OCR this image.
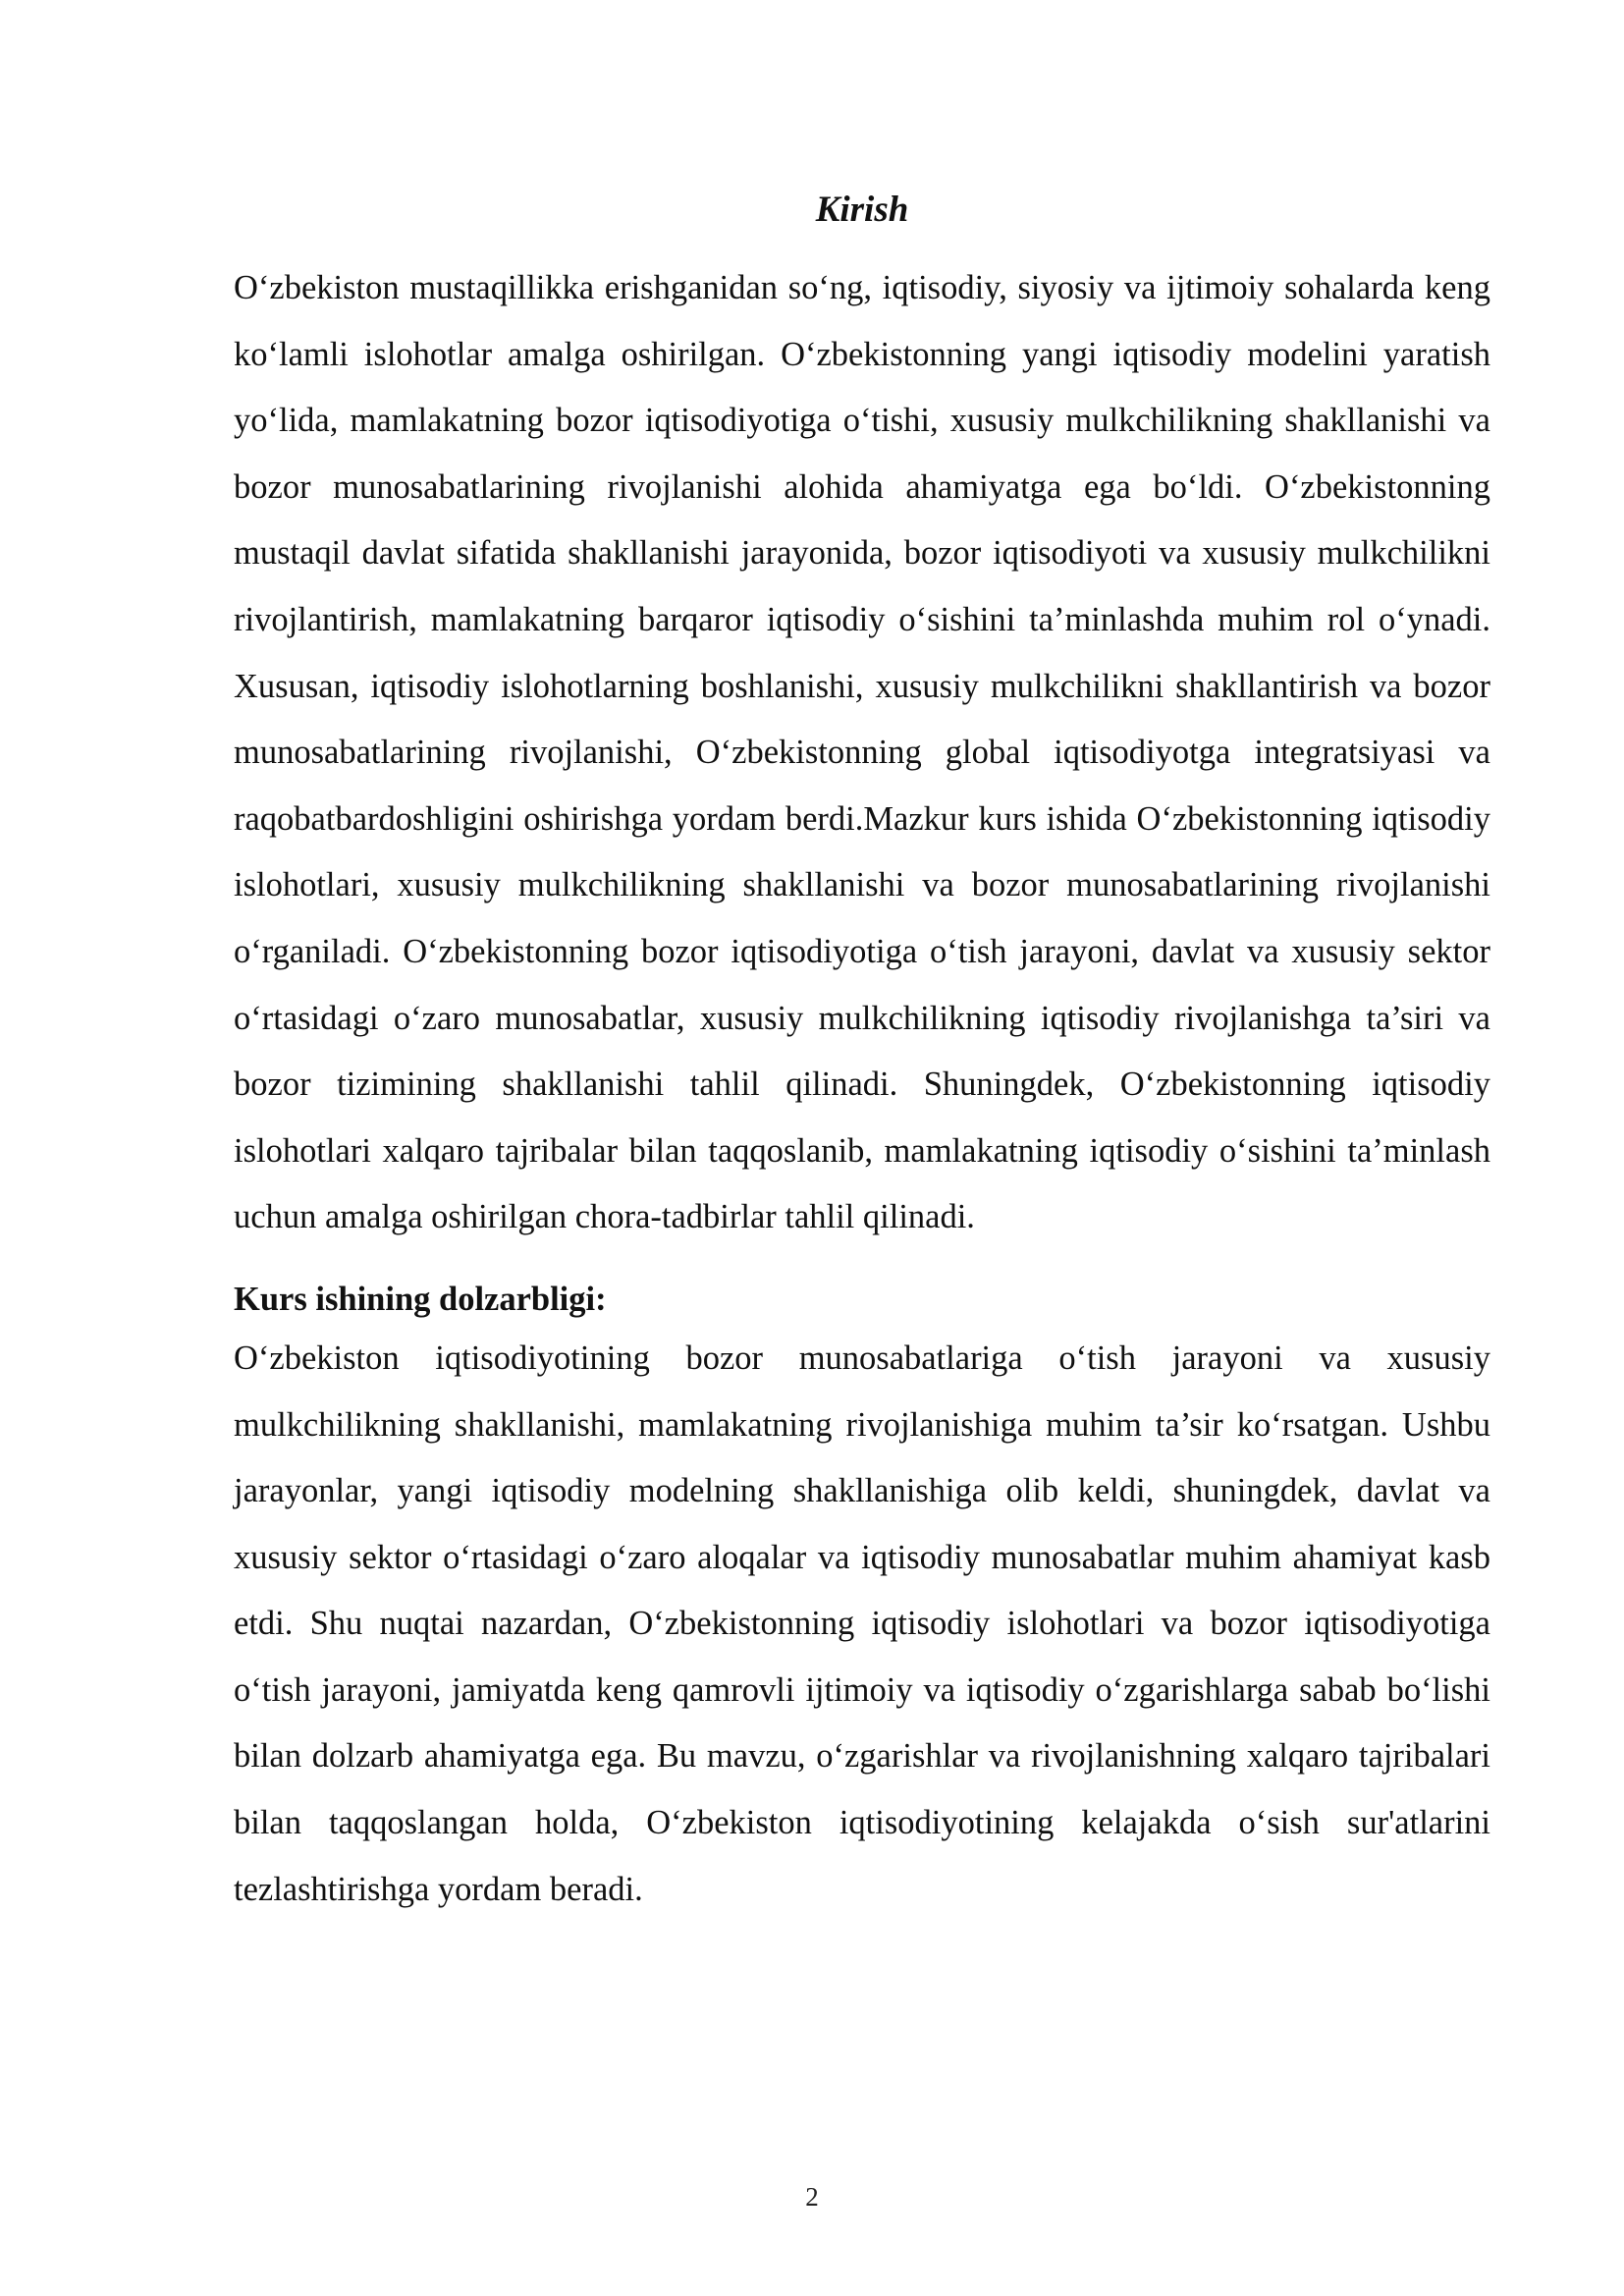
Kirish

O‘zbekiston mustaqillikka erishganidan so‘ng, iqtisodiy, siyosiy va ijtimoiy sohalarda keng ko‘lamli islohotlar amalga oshirilgan. O‘zbekistonning yangi iqtisodiy modelini yaratish yo‘lida, mamlakatning bozor iqtisodiyotiga o‘tishi, xususiy mulkchilikning shakllanishi va bozor munosabatlarining rivojlanishi alohida ahamiyatga ega bo‘ldi. O‘zbekistonning mustaqil davlat sifatida shakllanishi jarayonida, bozor iqtisodiyoti va xususiy mulkchilikni rivojlantirish, mamlakatning barqaror iqtisodiy o‘sishini ta’minlashda muhim rol o‘ynadi. Xususan, iqtisodiy islohotlarning boshlanishi, xususiy mulkchilikni shakllantirish va bozor munosabatlarining rivojlanishi, O‘zbekistonning global iqtisodiyotga integratsiyasi va raqobatbardoshligini oshirishga yordam berdi.Mazkur kurs ishida O‘zbekistonning iqtisodiy islohotlari, xususiy mulkchilikning shakllanishi va bozor munosabatlarining rivojlanishi o‘rganiladi. O‘zbekistonning bozor iqtisodiyotiga o‘tish jarayoni, davlat va xususiy sektor o‘rtasidagi o‘zaro munosabatlar, xususiy mulkchilikning iqtisodiy rivojlanishga ta’siri va bozor tizimining shakllanishi tahlil qilinadi. Shuningdek, O‘zbekistonning iqtisodiy islohotlari xalqaro tajribalar bilan taqqoslanib, mamlakatning iqtisodiy o‘sishini ta’minlash uchun amalga oshirilgan chora-tadbirlar tahlil qilinadi.

Kurs ishining dolzarbligi:

O‘zbekiston iqtisodiyotining bozor munosabatlariga o‘tish jarayoni va xususiy mulkchilikning shakllanishi, mamlakatning rivojlanishiga muhim ta’sir ko‘rsatgan. Ushbu jarayonlar, yangi iqtisodiy modelning shakllanishiga olib keldi, shuningdek, davlat va xususiy sektor o‘rtasidagi o‘zaro aloqalar va iqtisodiy munosabatlar muhim ahamiyat kasb etdi. Shu nuqtai nazardan, O‘zbekistonning iqtisodiy islohotlari va bozor iqtisodiyotiga o‘tish jarayoni, jamiyatda keng qamrovli ijtimoiy va iqtisodiy o‘zgarishlarga sabab bo‘lishi bilan dolzarb ahamiyatga ega. Bu mavzu, o‘zgarishlar va rivojlanishning xalqaro tajribalari bilan taqqoslangan holda, O‘zbekiston iqtisodiyotining kelajakda o‘sish sur'atlarini tezlashtirishga yordam beradi.

2
